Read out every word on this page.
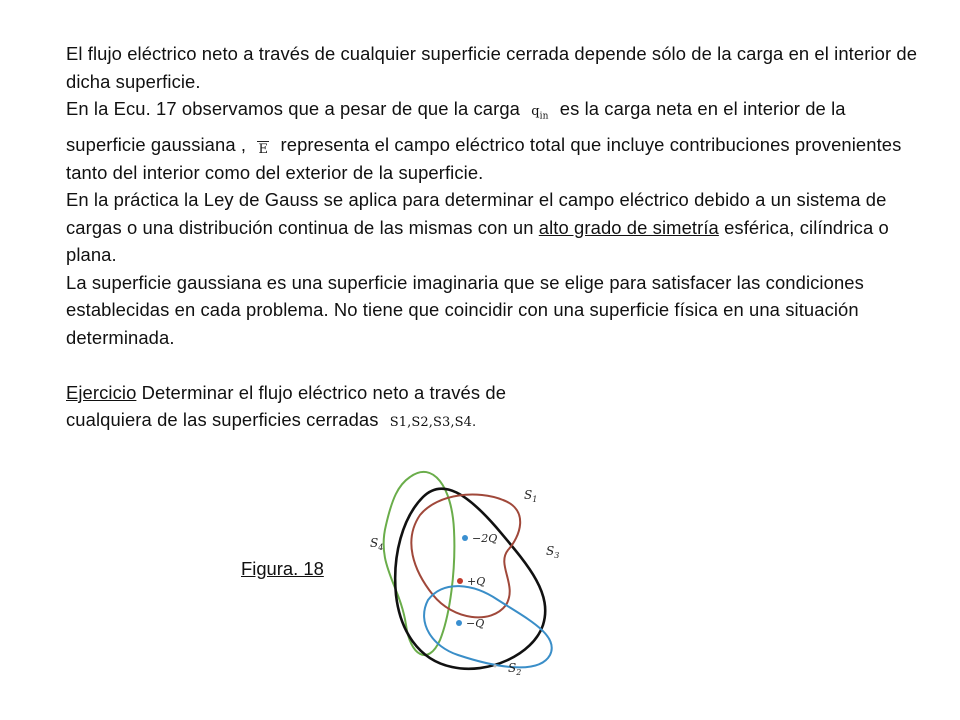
El flujo eléctrico neto a través de cualquier superficie cerrada depende sólo de la carga en el interior de dicha superficie.

En la Ecu. 17 observamos que a pesar de que la carga $q_{in}$ es la carga neta en el interior de la superficie gaussiana , E representa el campo eléctrico total que incluye contribuciones provenientes tanto del interior como del exterior de la superficie.

En la práctica la Ley de Gauss se aplica para determinar el campo eléctrico debido a un sistema de cargas o una distribución continua de las mismas con un alto grado de simetría esférica, cilíndrica o plana.

La superficie gaussiana es una superficie imaginaria que se elige para satisfacer las condiciones establecidas en cada problema. No tiene que coincidir con una superficie física en una situación determinada.

Ejercicio Determinar el flujo eléctrico neto a través de

cualquiera de las superficies cerradas S1,S2,S3,S4.

Figura. 18
−2Q
+Q
−Q
$S_1$
$S_3$
$S_4$
$S_2$
